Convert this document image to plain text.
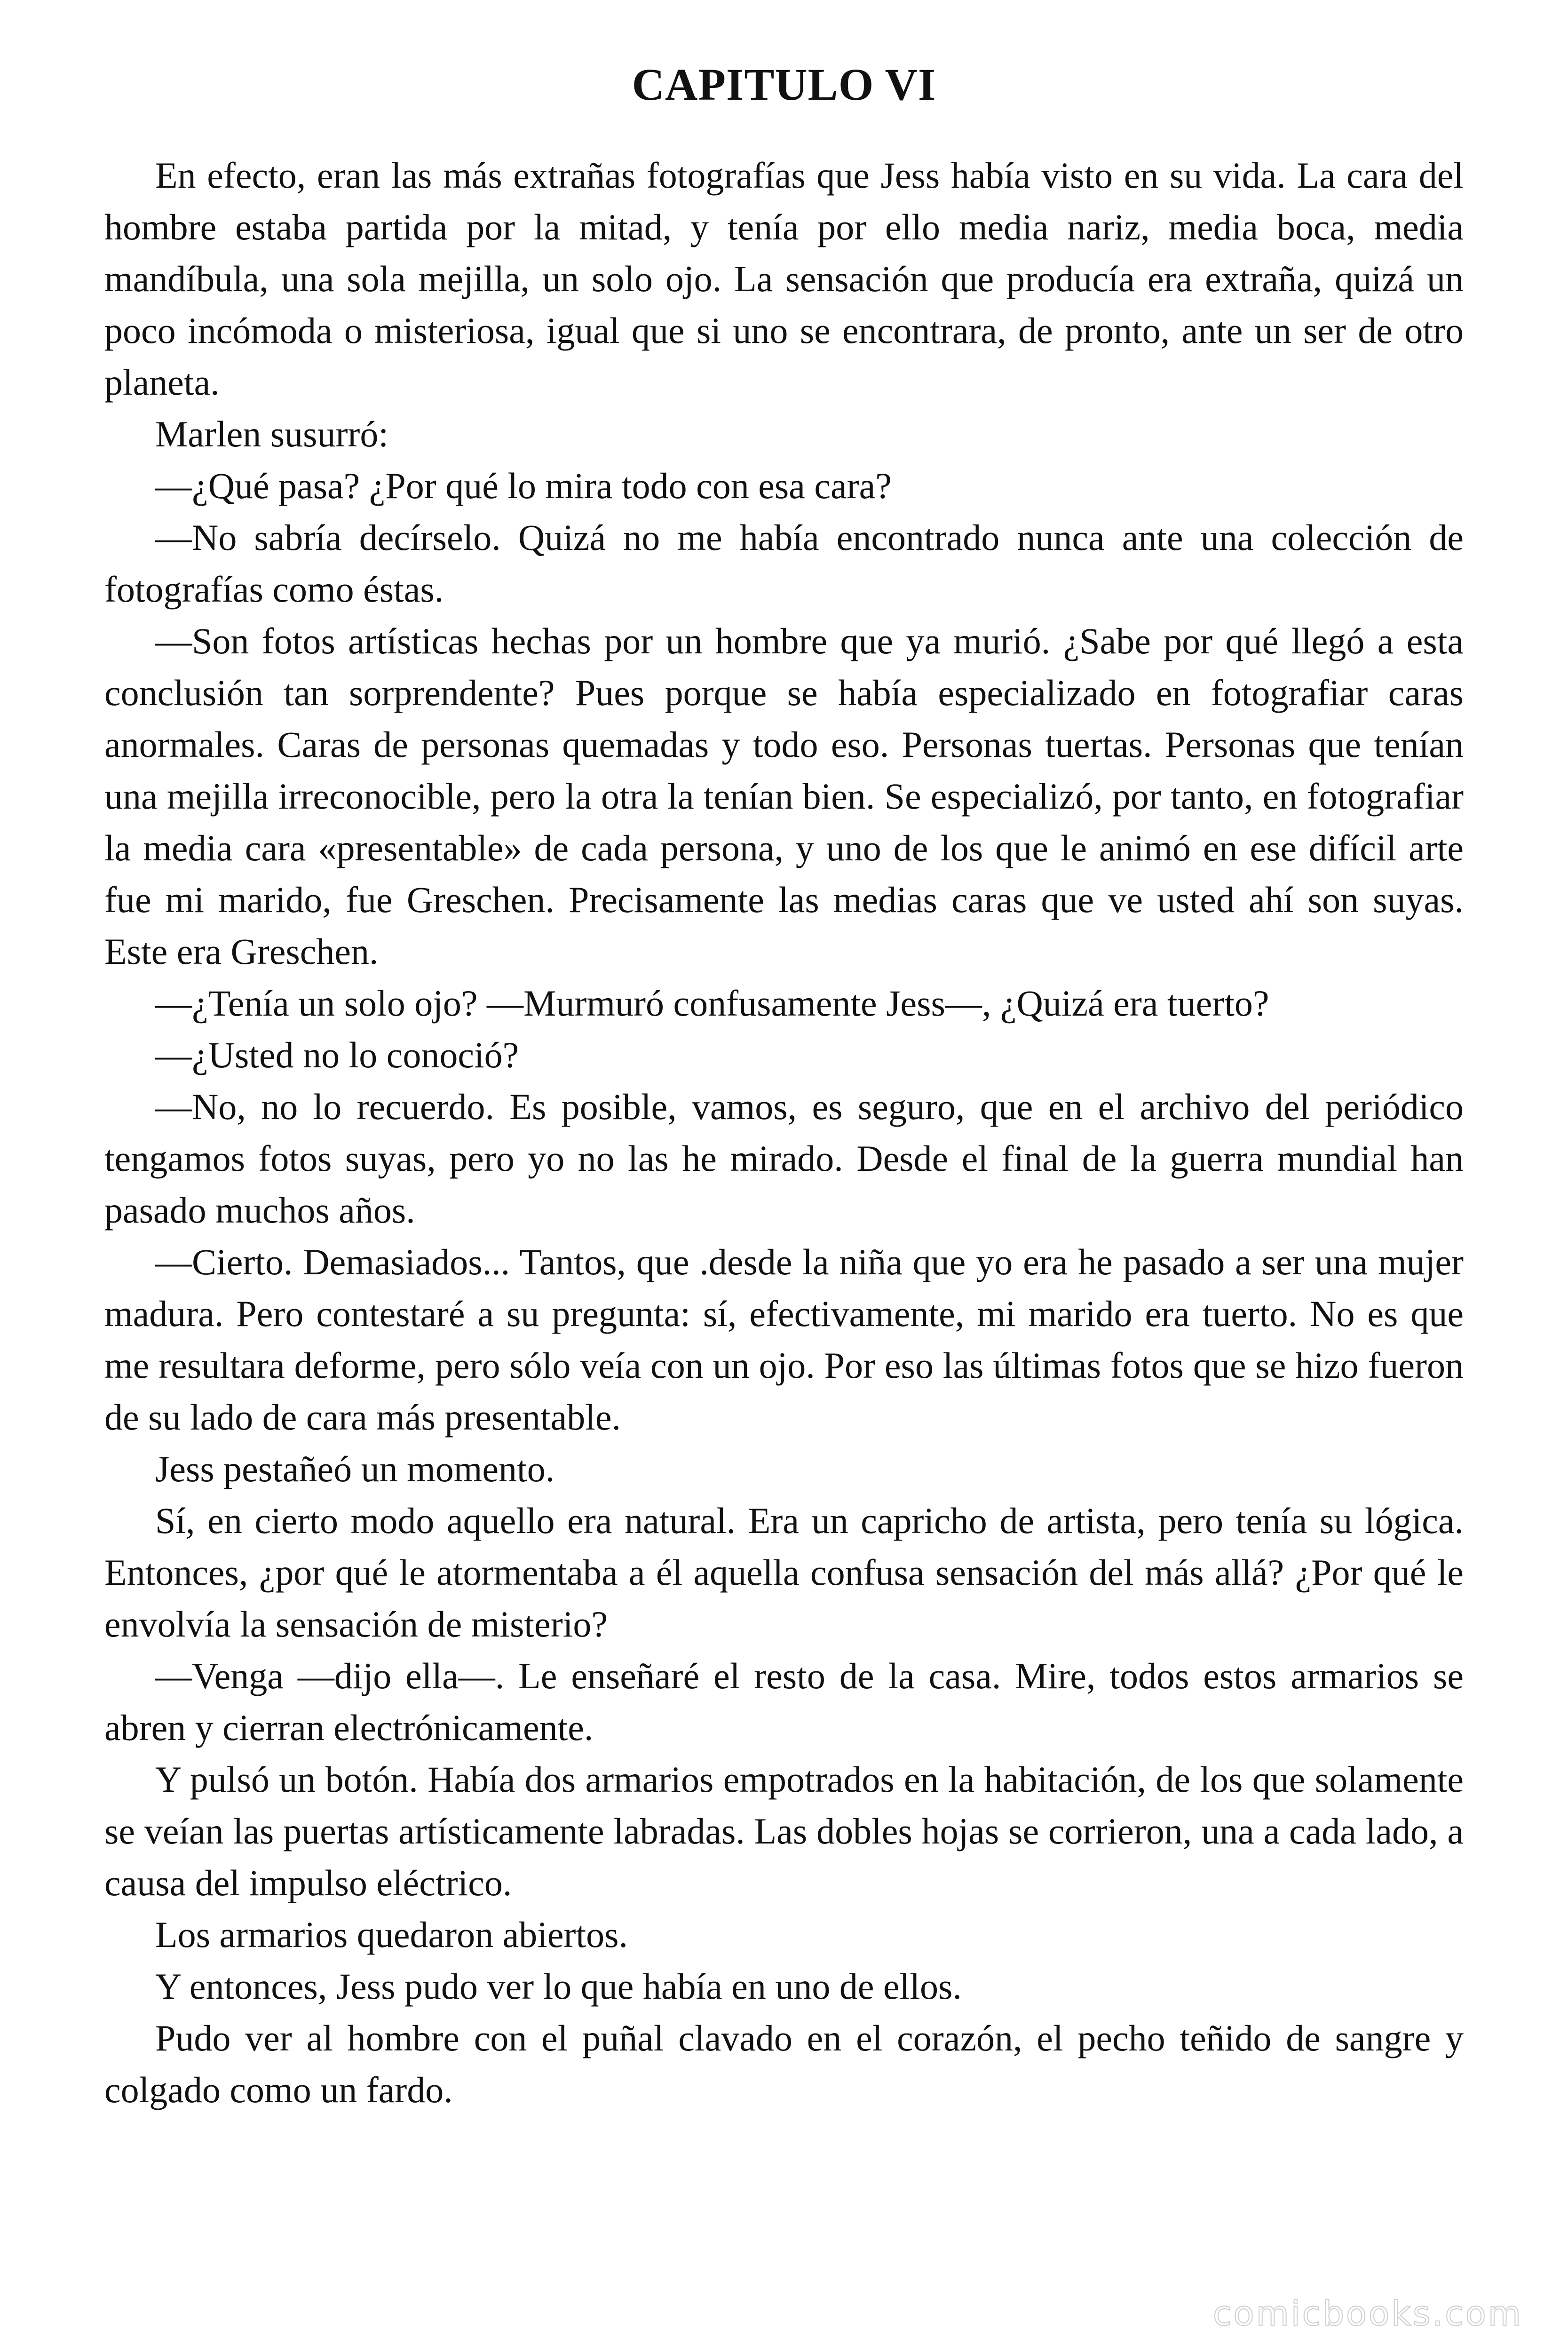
CAPITULO VI

En efecto, eran las más extrañas fotografías que Jess había visto en su vida. La cara del hombre estaba partida por la mitad, y tenía por ello media nariz, media boca, media mandíbula, una sola mejilla, un solo ojo. La sensación que producía era extraña, quizá un poco incómoda o misteriosa, igual que si uno se encontrara, de pronto, ante un ser de otro planeta.

Marlen susurró:

—¿Qué pasa? ¿Por qué lo mira todo con esa cara?

—No sabría decírselo. Quizá no me había encontrado nunca ante una colección de fotografías como éstas.

—Son fotos artísticas hechas por un hombre que ya murió. ¿Sabe por qué llegó a esta conclusión tan sorprendente? Pues porque se había especializado en fotografiar caras anormales. Caras de personas quemadas y todo eso. Personas tuertas. Personas que tenían una mejilla irreconocible, pero la otra la tenían bien. Se especializó, por tanto, en fotografiar la media cara «presentable» de cada persona, y uno de los que le animó en ese difícil arte fue mi marido, fue Greschen. Precisamente las medias caras que ve usted ahí son suyas. Este era Greschen.

—¿Tenía un solo ojo? —Murmuró confusamente Jess—, ¿Quizá era tuerto?

—¿Usted no lo conoció?

—No, no lo recuerdo. Es posible, vamos, es seguro, que en el archivo del periódico tengamos fotos suyas, pero yo no las he mirado. Desde el final de la guerra mundial han pasado muchos años.

—Cierto. Demasiados... Tantos, que .desde la niña que yo era he pasado a ser una mujer madura. Pero contestaré a su pregunta: sí, efectivamente, mi marido era tuerto. No es que me resultara deforme, pero sólo veía con un ojo. Por eso las últimas fotos que se hizo fueron de su lado de cara más presentable.

Jess pestañeó un momento.

Sí, en cierto modo aquello era natural. Era un capricho de artista, pero tenía su lógica. Entonces, ¿por qué le atormentaba a él aquella confusa sensación del más allá? ¿Por qué le envolvía la sensación de misterio?

—Venga —dijo ella—. Le enseñaré el resto de la casa. Mire, todos estos armarios se abren y cierran electrónicamente.

Y pulsó un botón. Había dos armarios empotrados en la habitación, de los que solamente se veían las puertas artísticamente labradas. Las dobles hojas se corrieron, una a cada lado, a causa del impulso eléctrico.

Los armarios quedaron abiertos.

Y entonces, Jess pudo ver lo que había en uno de ellos.

Pudo ver al hombre con el puñal clavado en el corazón, el pecho teñido de sangre y colgado como un fardo.

comicbooks.com
